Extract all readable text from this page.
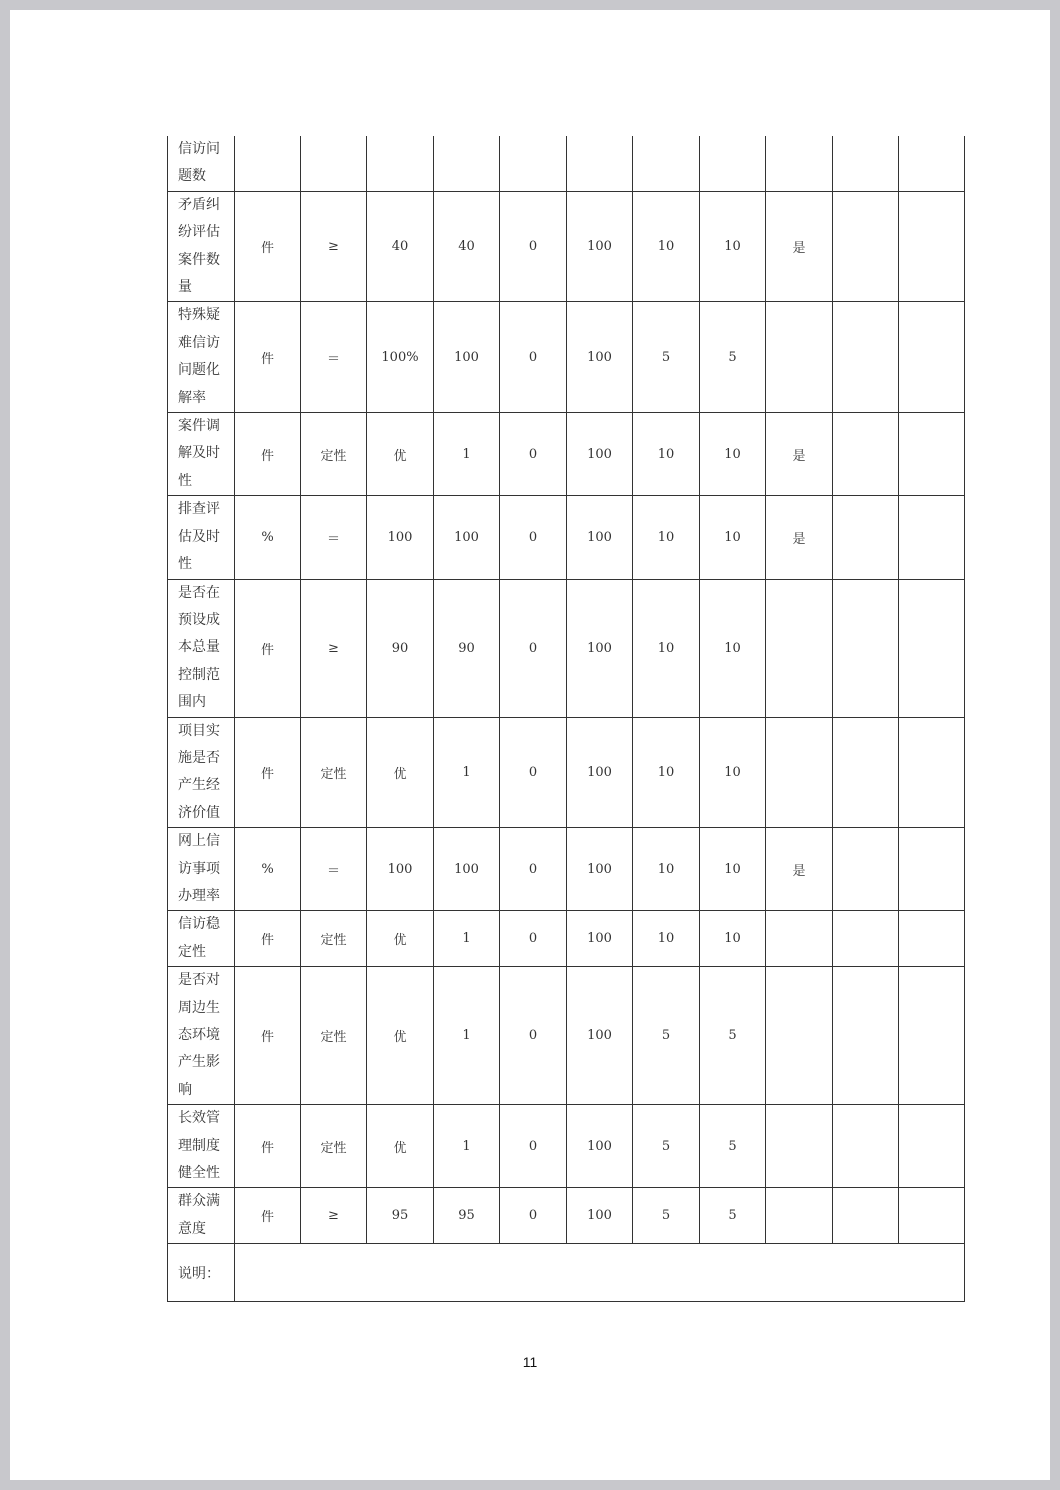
信访问题数											
矛盾纠纷评估案件数量	件	≥	40	40	0	100	10	10	是		
特殊疑难信访问题化解率	件	＝	100%	100	0	100	5	5			
案件调解及时性	件	定性	优	1	0	100	10	10	是		
排查评估及时性	%	＝	100	100	0	100	10	10	是		
是否在预设成本总量控制范围内	件	≥	90	90	0	100	10	10			
项目实施是否产生经济价值	件	定性	优	1	0	100	10	10			
网上信访事项办理率	%	＝	100	100	0	100	10	10	是		
信访稳定性	件	定性	优	1	0	100	10	10			
是否对周边生态环境产生影响	件	定性	优	1	0	100	5	5			
长效管理制度健全性	件	定性	优	1	0	100	5	5			
群众满意度	件	≥	95	95	0	100	5	5			
说明：											
11
